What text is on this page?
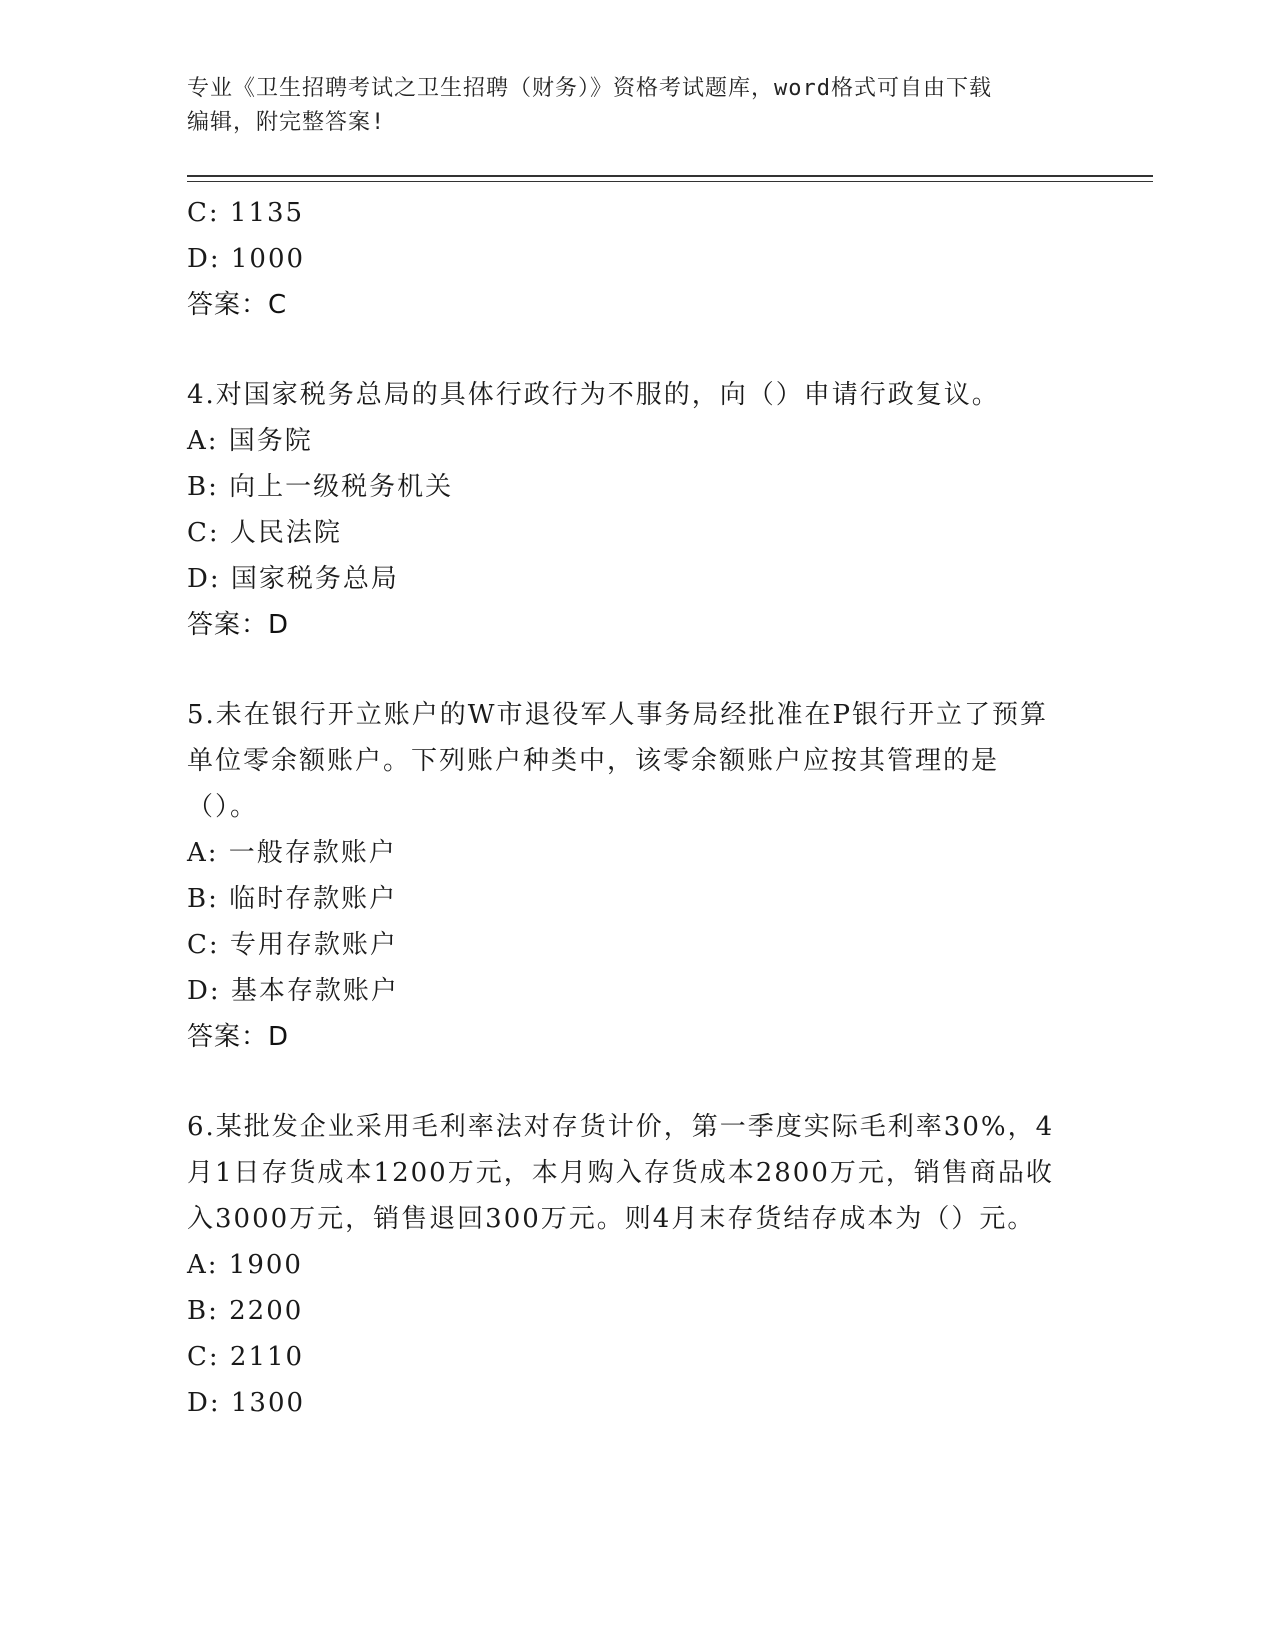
专业《卫生招聘考试之卫生招聘（财务）》资格考试题库，word格式可自由下载
编辑，附完整答案!
C: 1135
D: 1000
答案：C
4.对国家税务总局的具体行政行为不服的，向（）申请行政复议。
A: 国务院
B: 向上一级税务机关
C: 人民法院
D: 国家税务总局
答案：D
5.未在银行开立账户的W市退役军人事务局经批准在P银行开立了预算单位零余额账户。下列账户种类中，该零余额账户应按其管理的是（）。
A: 一般存款账户
B: 临时存款账户
C: 专用存款账户
D: 基本存款账户
答案：D
6.某批发企业采用毛利率法对存货计价，第一季度实际毛利率30%，4月1日存货成本1200万元，本月购入存货成本2800万元，销售商品收入3000万元，销售退回300万元。则4月末存货结存成本为（）元。
A: 1900
B: 2200
C: 2110
D: 1300
